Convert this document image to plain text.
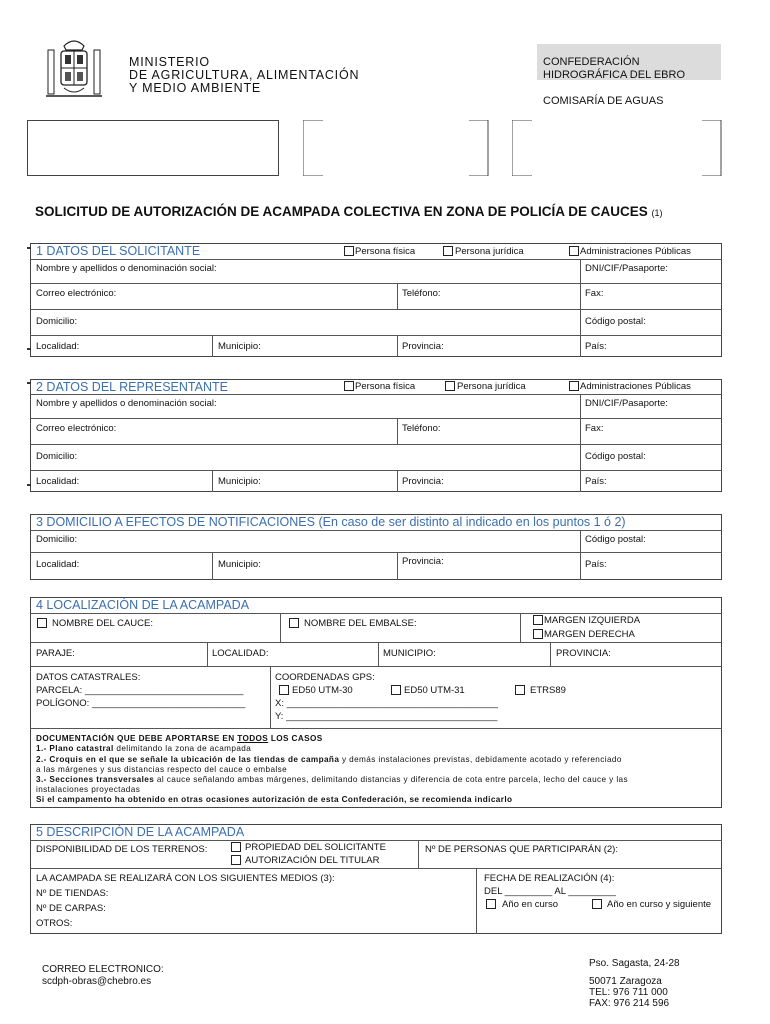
MINISTERIO
DE AGRICULTURA, ALIMENTACIÓN
Y MEDIO AMBIENTE
CONFEDERACIÓN
HIDROGRÁFICA DEL EBRO
COMISARÍA DE AGUAS
SOLICITUD DE AUTORIZACIÓN DE ACAMPADA COLECTIVA EN ZONA DE POLICÍA DE CAUCES (1)
1 DATOS DEL SOLICITANTE	Persona física	Persona jurídica	Administraciones Públicas
Nombre y apellidos o denominación social:	DNI/CIF/Pasaporte:
Correo electrónico:	Teléfono:	Fax:
Domicilio:	Código postal:
Localidad:	Municipio:	Provincia:	País:
2 DATOS DEL REPRESENTANTE	Persona física	Persona jurídica	Administraciones Públicas
Nombre y apellidos o denominación social:	DNI/CIF/Pasaporte:
Correo electrónico:	Teléfono:	Fax:
Domicilio:	Código postal:
Localidad:	Municipio:	Provincia:	País:
3 DOMICILIO A EFECTOS DE NOTIFICACIONES (En caso de ser distinto al indicado en los puntos 1 ó 2)
Domicilio:	Código postal:
Localidad:	Municipio:	Provincia:	País:
4 LOCALIZACIÓN DE LA ACAMPADA
NOMBRE DEL CAUCE:	NOMBRE DEL EMBALSE:	MARGEN IZQUIERDA
MARGEN DERECHA
PARAJE:	LOCALIDAD:	MUNICIPIO:	PROVINCIA:
DATOS CATASTRALES:
PARCELA: ______________________________
POLÍGONO: _____________________________
COORDENADAS GPS:
ED50 UTM-30	ED50 UTM-31	ETRS89
X: ________________________________________
Y: ________________________________________
DOCUMENTACIÓN QUE DEBE APORTARSE EN TODOS LOS CASOS
1.- Plano catastral delimitando la zona de acampada
2.- Croquis en el que se señale la ubicación de las tiendas de campaña y demás instalaciones previstas, debidamente acotado y referenciado
a las márgenes y sus distancias respecto del cauce o embalse
3.- Secciones transversales al cauce señalando ambas márgenes, delimitando distancias y diferencia de cota entre parcela, lecho del cauce y las
instalaciones proyectadas
Si el campamento ha obtenido en otras ocasiones autorización de esta Confederación, se recomienda indicarlo
5 DESCRIPCIÓN DE LA ACAMPADA
DISPONIBILIDAD DE LOS TERRENOS:	PROPIEDAD DEL SOLICITANTE
AUTORIZACIÓN DEL TITULAR
Nº DE PERSONAS QUE PARTICIPARÁN (2):
LA ACAMPADA SE REALIZARÁ CON LOS SIGUIENTES MEDIOS (3):
Nº DE TIENDAS:
Nº DE CARPAS:
OTROS:
FECHA DE REALIZACIÓN (4):
DEL _________ AL _________
Año en curso	Año en curso y siguiente
CORREO ELECTRONICO:
scdph-obras@chebro.es
Pso. Sagasta, 24-28
50071 Zaragoza
TEL: 976 711 000
FAX: 976 214 596
